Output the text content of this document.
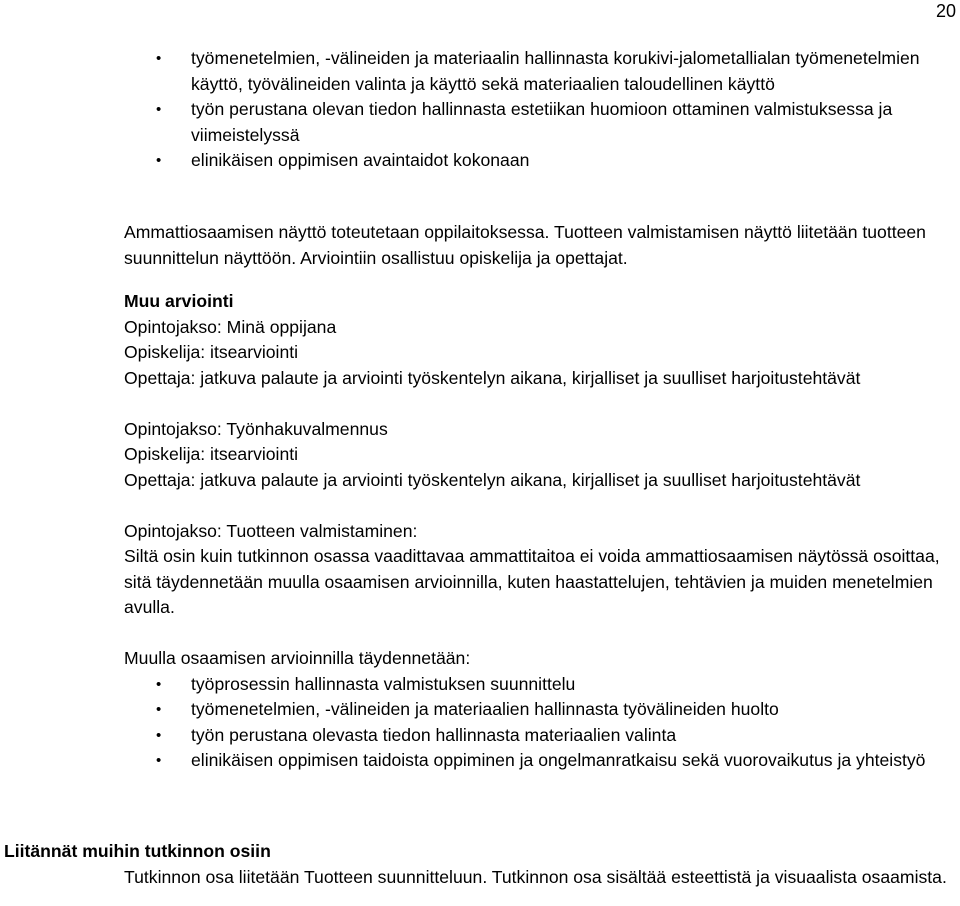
20
• työmenetelmien, -välineiden ja materiaalin hallinnasta korukivi-jalometallialan työmenetelmien käyttö, työvälineiden valinta ja käyttö sekä materiaalien taloudellinen käyttö
• työn perustana olevan tiedon hallinnasta estetiikan huomioon ottaminen valmistuksessa ja viimeistelyssä
• elinikäisen oppimisen avaintaidot kokonaan

Ammattiosaamisen näyttö toteutetaan oppilaitoksessa. Tuotteen valmistamisen näyttö liitetään tuotteen suunnittelun näyttöön. Arviointiin osallistuu opiskelija ja opettajat.

Muu arviointi

Opintojakso: Minä oppijana

Opiskelija: itsearviointi

Opettaja: jatkuva palaute ja arviointi työskentelyn aikana, kirjalliset ja suulliset harjoitustehtävät

Opintojakso: Työnhakuvalmennus

Opiskelija: itsearviointi

Opettaja: jatkuva palaute ja arviointi työskentelyn aikana, kirjalliset ja suulliset harjoitustehtävät

Opintojakso: Tuotteen valmistaminen:

Siltä osin kuin tutkinnon osassa vaadittavaa ammattitaitoa ei voida ammattiosaamisen näytössä osoittaa, sitä täydennetään muulla osaamisen arvioinnilla, kuten haastattelujen, tehtävien ja muiden menetelmien avulla.

Muulla osaamisen arvioinnilla täydennetään:

• työprosessin hallinnasta valmistuksen suunnittelu
• työmenetelmien, -välineiden ja materiaalien hallinnasta työvälineiden huolto
• työn perustana olevasta tiedon hallinnasta materiaalien valinta
• elinikäisen oppimisen taidoista oppiminen ja ongelmanratkaisu sekä vuorovaikutus ja yhteistyö

Liitännät muihin tutkinnon osiin

Tutkinnon osa liitetään Tuotteen suunnitteluun. Tutkinnon osa sisältää esteettistä ja visuaalista osaamista.
